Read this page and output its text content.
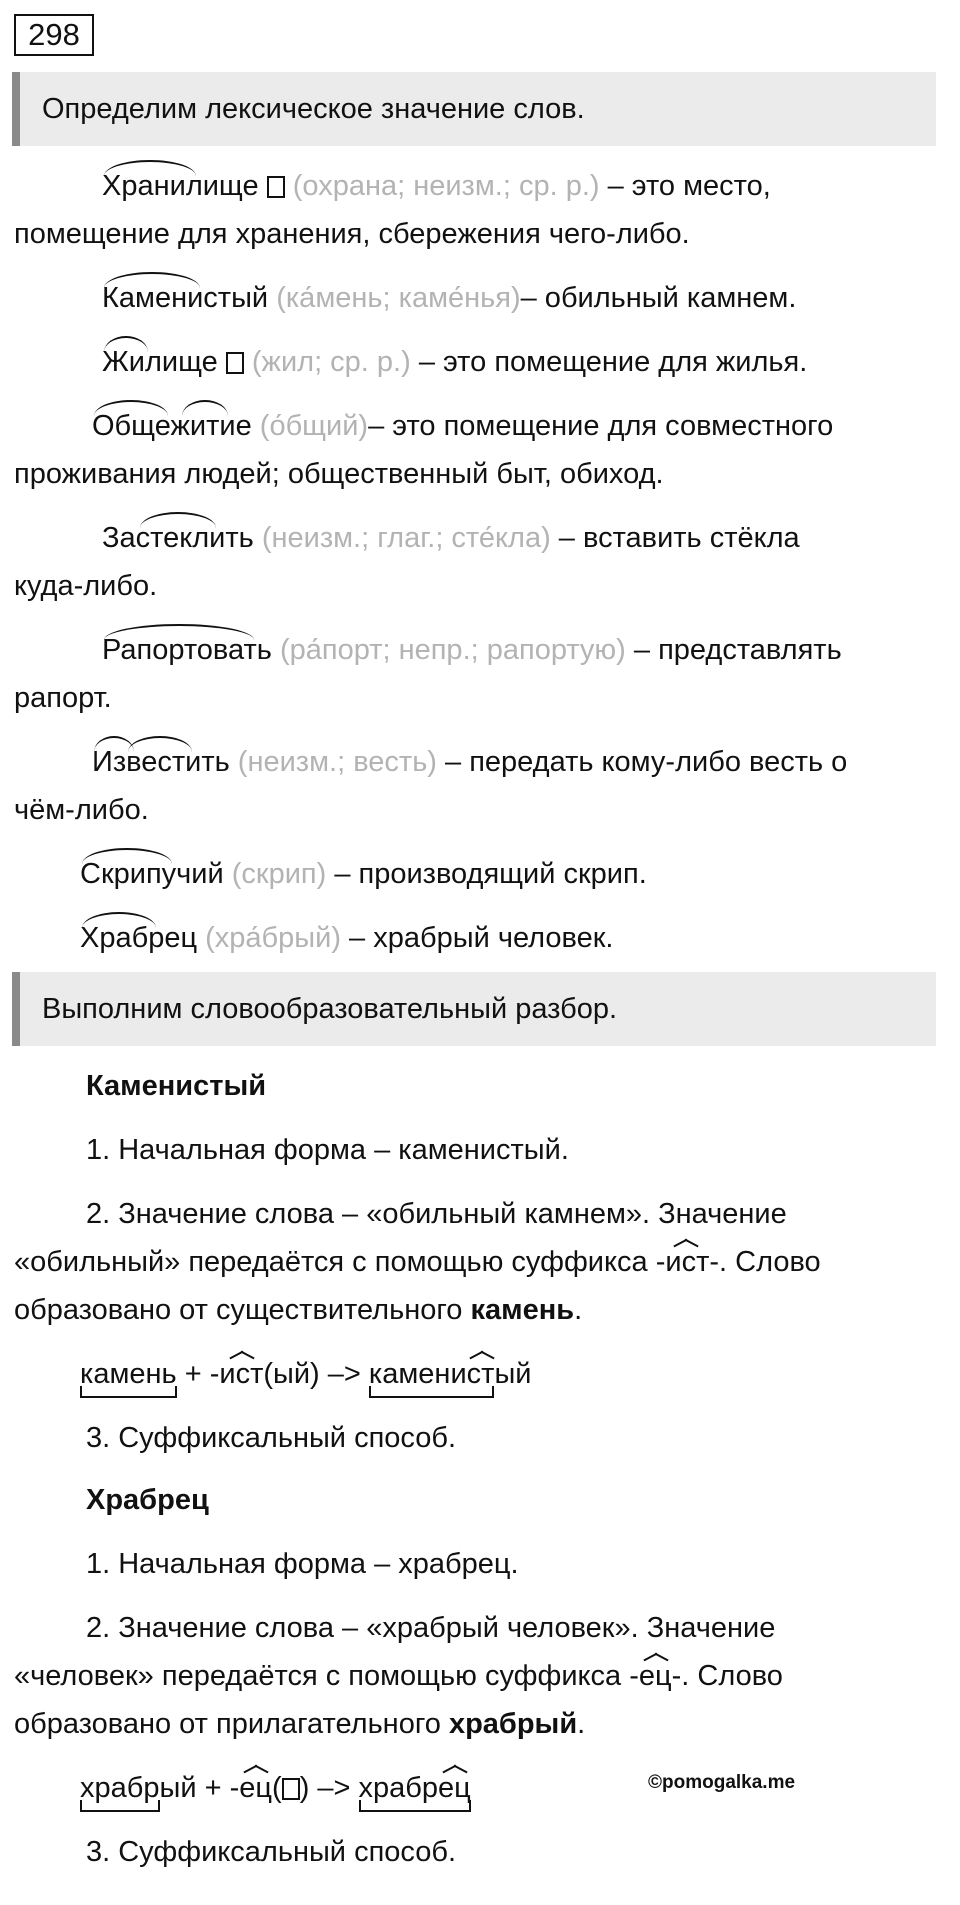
298
Определим лексическое значение слов.
Хранилище (охрана; неизм.; ср. р.) – это место,
помещение для хранения, сбережения чего-либо.
Каменистый (ка́мень; каме́нья)– обильный камнем.
Жилище (жил; ср. р.) – это помещение для жилья.
Общежитие (о́бщий)– это помещение для совместного
проживания людей; общественный быт, обиход.
Застеклить (неизм.; глаг.; сте́кла) – вставить стёкла
куда-либо.
Рапортовать (ра́порт; непр.; рапортую) – представлять
рапорт.
Известить (неизм.; весть) – передать кому-либо весть о
чём-либо.
Скрипучий (скрип) – производящий скрип.
Храбрец (хра́брый) – храбрый человек.
Выполним словообразовательный разбор.
Каменистый
1. Начальная форма – каменистый.
2. Значение слова – «обильный камнем». Значение
«обильный» передаётся с помощью суффикса -
ист-. Слово
образовано от существительного камень.
камень
+ -
ист(ый) –> камени
ст
ый
3. Суффиксальный способ.
Храбрец
1. Начальная форма – храбрец.
2. Значение слова – «храбрый человек». Значение
«человек» передаётся с помощью суффикса -
ец-. Слово
образовано от прилагательного храбрый.
храбр
ый + -
ец( ) –> храбр
ец	©pomogalka.me
3. Суффиксальный способ.
